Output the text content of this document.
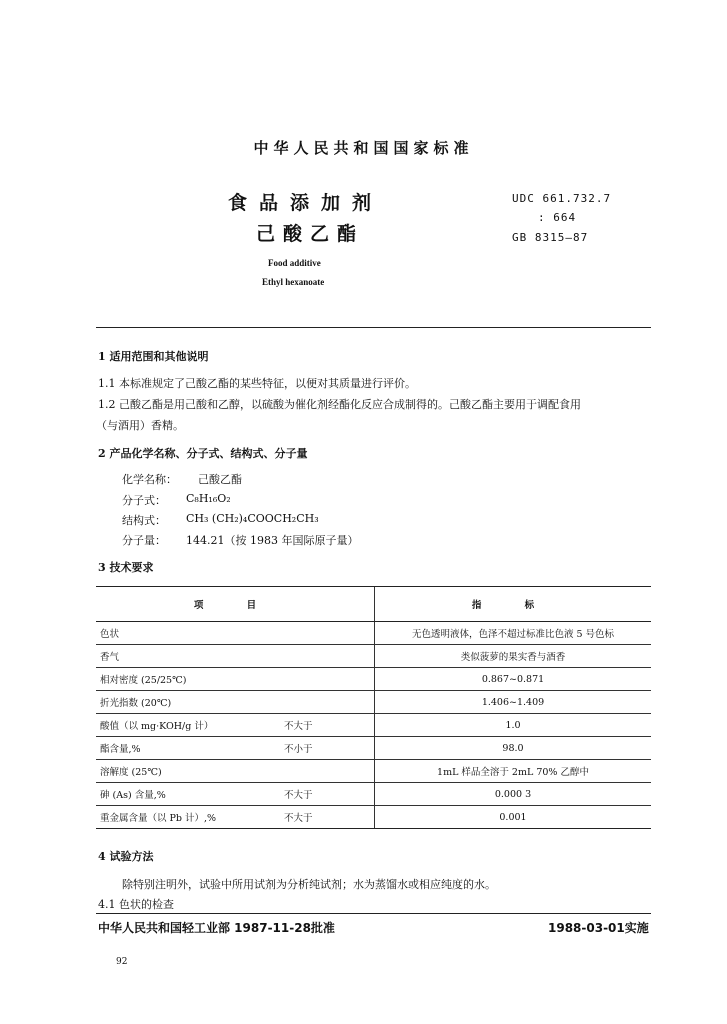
中华人民共和国国家标准
食品添加剂
己酸乙酯
Food additive
Ethyl hexanoate
UDC 661.732.7
: 664
GB 8315—87
1 适用范围和其他说明
1.1 本标准规定了己酸乙酯的某些特征，以便对其质量进行评价。
1.2 己酸乙酯是用己酸和乙醇，以硫酸为催化剂经酯化反应合成制得的。己酸乙酯主要用于调配食用
（与酒用）香精。
2 产品化学名称、分子式、结构式、分子量
化学名称： 己酸乙酯
分子式： C₈H₁₆O₂
结构式： CH₃ (CH₂)₄COOCH₂CH₃
分子量： 144.21（按 1983 年国际原子量）
3 技术要求
项 目		指 标
色状		无色透明液体，色泽不超过标准比色液 5 号色标
香气		类似菠萝的果实香与酒香
相对密度 (25/25℃)		0.867~0.871
折光指数 (20℃)		1.406~1.409
酸值（以 mg·KOH/g 计）	不大于	1.0
酯含量,%	不小于	98.0
溶解度 (25℃)		1mL 样品全溶于 2mL 70% 乙醇中
砷 (As) 含量,%	不大于	0.000 3
重金属含量（以 Pb 计）,%	不大于	0.001
4 试验方法
除特别注明外，试验中所用试剂为分析纯试剂；水为蒸馏水或相应纯度的水。
4.1 色状的检查
中华人民共和国轻工业部 1987-11-28批准	1988-03-01实施
92
